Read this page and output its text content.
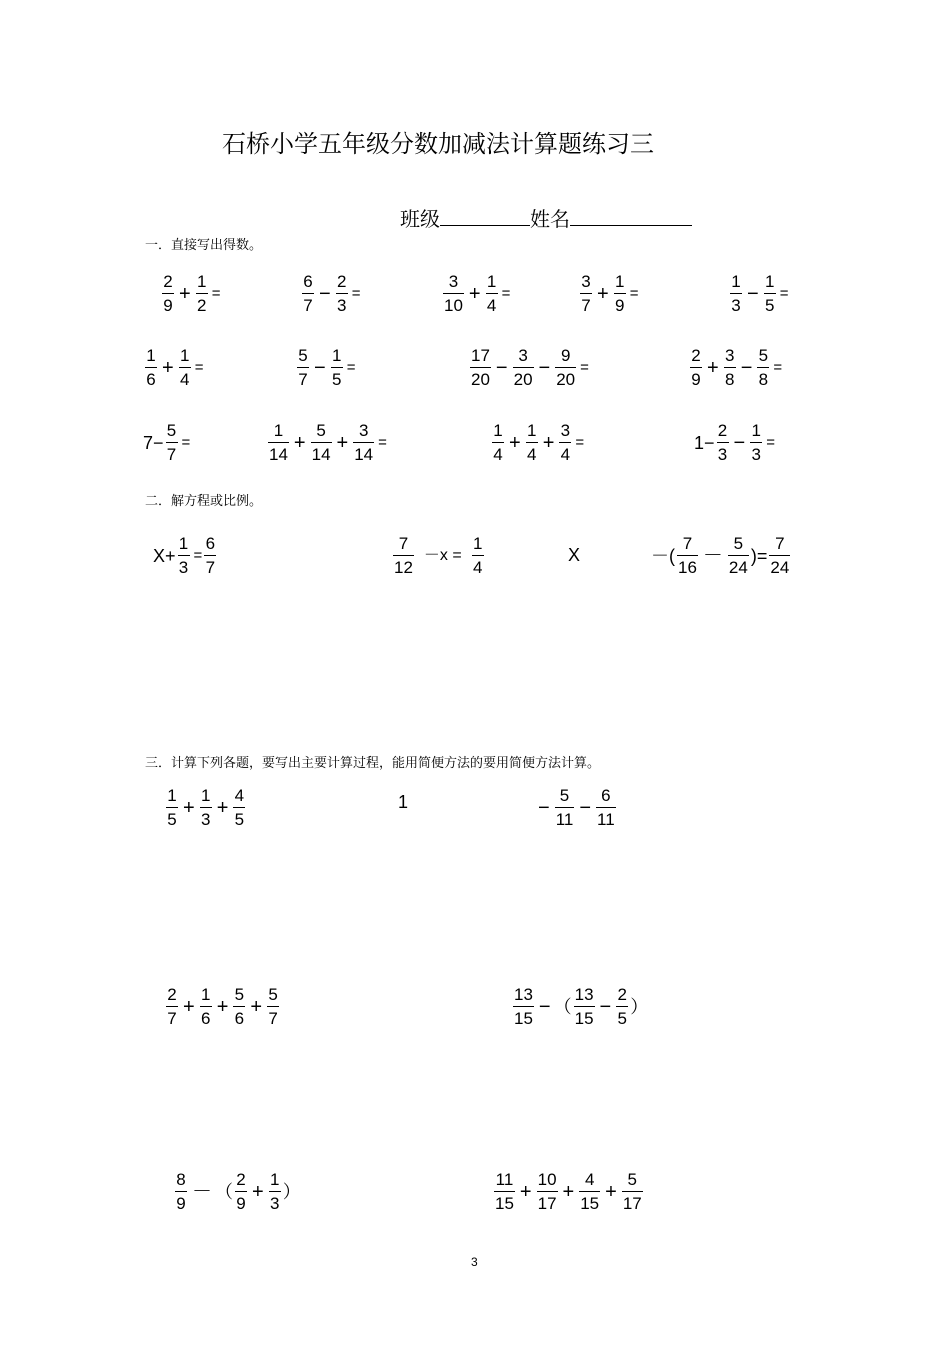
石桥小学五年级分数加减法计算题练习三
班级	姓名
一．直接写出得数。
二．解方程或比例。
三．计算下列各题，要写出主要计算过程，能用简便方法的要用简便方法计算。
$\frac{2}{9} + \frac{1}{2}$ =	$\frac{6}{7} - \frac{2}{3}$ =	$\frac{3}{10} + \frac{1}{4}$ =	$\frac{3}{7} + \frac{1}{9}$ =	$\frac{1}{3} - \frac{1}{5}$ =
$\frac{1}{6} + \frac{1}{4}$ =	$\frac{5}{7} - \frac{1}{5}$ =	$\frac{17}{20} - \frac{3}{20} - \frac{9}{20}$ =	$\frac{2}{9} + \frac{3}{8} - \frac{5}{8}$ =
$7- \frac{5}{7}$ =	$\frac{1}{14} + \frac{5}{14} + \frac{3}{14}$ =	$\frac{1}{4} + \frac{1}{4} + \frac{3}{4}$ =	$1- \frac{2}{3} - \frac{1}{3}$ =
$X+ \frac{1}{3} = \frac{6}{7}$	$\frac{7}{12} -x = \frac{1}{4}$	X	－( $\frac{7}{16} - \frac{5}{24}$ )= $\frac{7}{24}$
$\frac{1}{5} + \frac{1}{3} + \frac{4}{5}$	1	− $\frac{5}{11} - \frac{6}{11}$
$\frac{2}{7} + \frac{1}{6} + \frac{5}{6} + \frac{5}{7}$	$\frac{13}{15}$ − （ $\frac{13}{15} - \frac{2}{5}$ ）
$\frac{8}{9}$ － （ $\frac{2}{9} + \frac{1}{3}$ ）	$\frac{11}{15} + \frac{10}{17} + \frac{4}{15} + \frac{5}{17}$
3
